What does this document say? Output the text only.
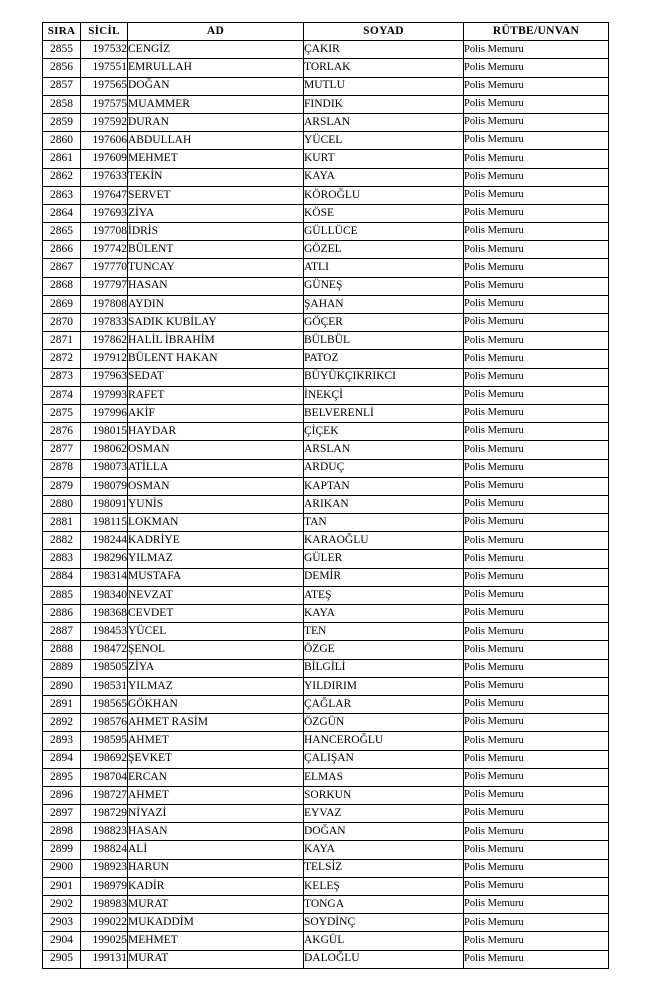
SIRA	SİCİL	AD	SOYAD	RÜTBE/UNVAN
2855	197532	CENGİZ	ÇAKIR	Polis Memuru
2856	197551	EMRULLAH	TORLAK	Polis Memuru
2857	197565	DOĞAN	MUTLU	Polis Memuru
2858	197575	MUAMMER	FINDIK	Polis Memuru
2859	197592	DURAN	ARSLAN	Polis Memuru
2860	197606	ABDULLAH	YÜCEL	Polis Memuru
2861	197609	MEHMET	KURT	Polis Memuru
2862	197633	TEKİN	KAYA	Polis Memuru
2863	197647	SERVET	KÖROĞLU	Polis Memuru
2864	197693	ZİYA	KÖSE	Polis Memuru
2865	197708	İDRİS	GÜLLÜCE	Polis Memuru
2866	197742	BÜLENT	GÖZEL	Polis Memuru
2867	197770	TUNCAY	ATLI	Polis Memuru
2868	197797	HASAN	GÜNEŞ	Polis Memuru
2869	197808	AYDIN	ŞAHAN	Polis Memuru
2870	197833	SADIK KUBİLAY	GÖÇER	Polis Memuru
2871	197862	HALİL İBRAHİM	BÜLBÜL	Polis Memuru
2872	197912	BÜLENT HAKAN	PATOZ	Polis Memuru
2873	197963	SEDAT	BÜYÜKÇIKRIKCI	Polis Memuru
2874	197993	RAFET	İNEKÇİ	Polis Memuru
2875	197996	AKİF	BELVERENLİ	Polis Memuru
2876	198015	HAYDAR	ÇİÇEK	Polis Memuru
2877	198062	OSMAN	ARSLAN	Polis Memuru
2878	198073	ATİLLA	ARDUÇ	Polis Memuru
2879	198079	OSMAN	KAPTAN	Polis Memuru
2880	198091	YUNİS	ARIKAN	Polis Memuru
2881	198115	LOKMAN	TAN	Polis Memuru
2882	198244	KADRİYE	KARAOĞLU	Polis Memuru
2883	198296	YILMAZ	GÜLER	Polis Memuru
2884	198314	MUSTAFA	DEMİR	Polis Memuru
2885	198340	NEVZAT	ATEŞ	Polis Memuru
2886	198368	CEVDET	KAYA	Polis Memuru
2887	198453	YÜCEL	TEN	Polis Memuru
2888	198472	ŞENOL	ÖZGE	Polis Memuru
2889	198505	ZİYA	BİLGİLİ	Polis Memuru
2890	198531	YILMAZ	YILDIRIM	Polis Memuru
2891	198565	GÖKHAN	ÇAĞLAR	Polis Memuru
2892	198576	AHMET RASİM	ÖZGÜN	Polis Memuru
2893	198595	AHMET	HANCEROĞLU	Polis Memuru
2894	198692	ŞEVKET	ÇALIŞAN	Polis Memuru
2895	198704	ERCAN	ELMAS	Polis Memuru
2896	198727	AHMET	SORKUN	Polis Memuru
2897	198729	NİYAZİ	EYVAZ	Polis Memuru
2898	198823	HASAN	DOĞAN	Polis Memuru
2899	198824	ALİ	KAYA	Polis Memuru
2900	198923	HARUN	TELSİZ	Polis Memuru
2901	198979	KADİR	KELEŞ	Polis Memuru
2902	198983	MURAT	TONGA	Polis Memuru
2903	199022	MUKADDİM	SOYDİNÇ	Polis Memuru
2904	199025	MEHMET	AKGÜL	Polis Memuru
2905	199131	MURAT	DALOĞLU	Polis Memuru
